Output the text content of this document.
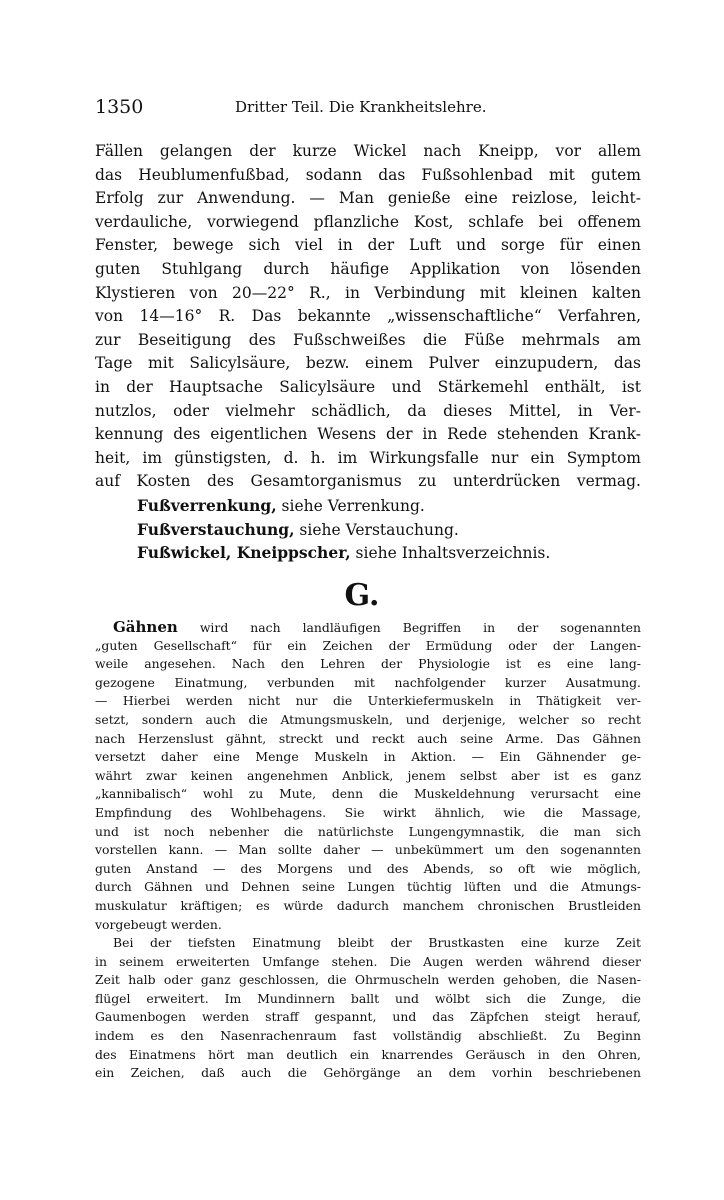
1350	Dritter Teil. Die Krankheitslehre.
Fällen gelangen der kurze Wickel nach Kneipp, vor allem
das Heublumenfußbad, sodann das Fußsohlenbad mit gutem
Erfolg zur Anwendung. — Man genieße eine reizlose, leicht-
verdauliche, vorwiegend pflanzliche Kost, schlafe bei offenem
Fenster, bewege sich viel in der Luft und sorge für einen
guten Stuhlgang durch häufige Applikation von lösenden
Klystieren von 20—22° R., in Verbindung mit kleinen kalten
von 14—16° R. Das bekannte „wissenschaftliche“ Verfahren,
zur Beseitigung des Fußschweißes die Füße mehrmals am
Tage mit Salicylsäure, bezw. einem Pulver einzupudern, das
in der Hauptsache Salicylsäure und Stärkemehl enthält, ist
nutzlos, oder vielmehr schädlich, da dieses Mittel, in Ver-
kennung des eigentlichen Wesens der in Rede stehenden Krank-
heit, im günstigsten, d. h. im Wirkungsfalle nur ein Symptom
auf Kosten des Gesamtorganismus zu unterdrücken vermag.
Fußverrenkung, siehe Verrenkung.
Fußverstauchung, siehe Verstauchung.
Fußwickel, Kneippscher, siehe Inhaltsverzeichnis.
G.
Gähnen wird nach landläufigen Begriffen in der sogenannten
„guten Gesellschaft“ für ein Zeichen der Ermüdung oder der Langen-
weile angesehen. Nach den Lehren der Physiologie ist es eine lang-
gezogene Einatmung, verbunden mit nachfolgender kurzer Ausatmung.
— Hierbei werden nicht nur die Unterkiefermuskeln in Thätigkeit ver-
setzt, sondern auch die Atmungsmuskeln, und derjenige, welcher so recht
nach Herzenslust gähnt, streckt und reckt auch seine Arme. Das Gähnen
versetzt daher eine Menge Muskeln in Aktion. — Ein Gähnender ge-
währt zwar keinen angenehmen Anblick, jenem selbst aber ist es ganz
„kannibalisch“ wohl zu Mute, denn die Muskeldehnung verursacht eine
Empfindung des Wohlbehagens. Sie wirkt ähnlich, wie die Massage,
und ist noch nebenher die natürlichste Lungengymnastik, die man sich
vorstellen kann. — Man sollte daher — unbekümmert um den sogenannten
guten Anstand — des Morgens und des Abends, so oft wie möglich,
durch Gähnen und Dehnen seine Lungen tüchtig lüften und die Atmungs-
muskulatur kräftigen; es würde dadurch manchem chronischen Brustleiden
vorgebeugt werden.
Bei der tiefsten Einatmung bleibt der Brustkasten eine kurze Zeit
in seinem erweiterten Umfange stehen. Die Augen werden während dieser
Zeit halb oder ganz geschlossen, die Ohrmuscheln werden gehoben, die Nasen-
flügel erweitert. Im Mundinnern ballt und wölbt sich die Zunge, die
Gaumenbogen werden straff gespannt, und das Zäpfchen steigt herauf,
indem es den Nasenrachenraum fast vollständig abschließt. Zu Beginn
des Einatmens hört man deutlich ein knarrendes Geräusch in den Ohren,
ein Zeichen, daß auch die Gehörgänge an dem vorhin beschriebenen
